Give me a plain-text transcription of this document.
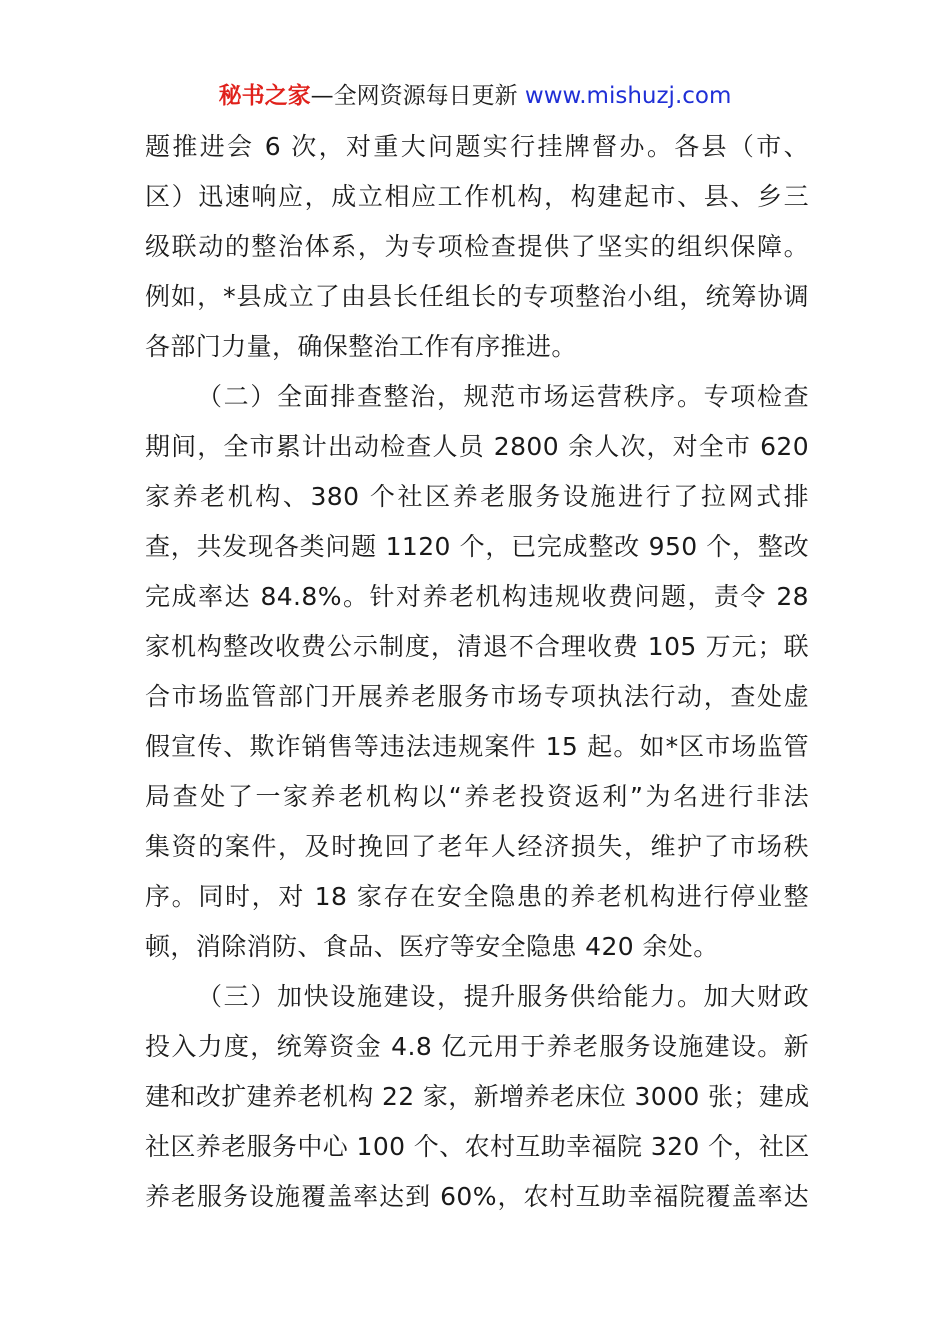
秘书之家—全网资源每日更新 www.mishuzj.com
题推进会 6 次，对重大问题实行挂牌督办。各县（市、
区）迅速响应，成立相应工作机构，构建起市、县、乡三
级联动的整治体系，为专项检查提供了坚实的组织保障。
例如，*县成立了由县长任组长的专项整治小组，统筹协调
各部门力量，确保整治工作有序推进。
（二）全面排查整治，规范市场运营秩序。专项检查
期间，全市累计出动检查人员 2800 余人次，对全市 620
家养老机构、380 个社区养老服务设施进行了拉网式排
查，共发现各类问题 1120 个，已完成整改 950 个，整改
完成率达 84.8%。针对养老机构违规收费问题，责令 28
家机构整改收费公示制度，清退不合理收费 105 万元；联
合市场监管部门开展养老服务市场专项执法行动，查处虚
假宣传、欺诈销售等违法违规案件 15 起。如*区市场监管
局查处了一家养老机构以“养老投资返利”为名进行非法
集资的案件，及时挽回了老年人经济损失，维护了市场秩
序。同时，对 18 家存在安全隐患的养老机构进行停业整
顿，消除消防、食品、医疗等安全隐患 420 余处。
（三）加快设施建设，提升服务供给能力。加大财政
投入力度，统筹资金 4.8 亿元用于养老服务设施建设。新
建和改扩建养老机构 22 家，新增养老床位 3000 张；建成
社区养老服务中心 100 个、农村互助幸福院 320 个，社区
养老服务设施覆盖率达到 60%，农村互助幸福院覆盖率达
